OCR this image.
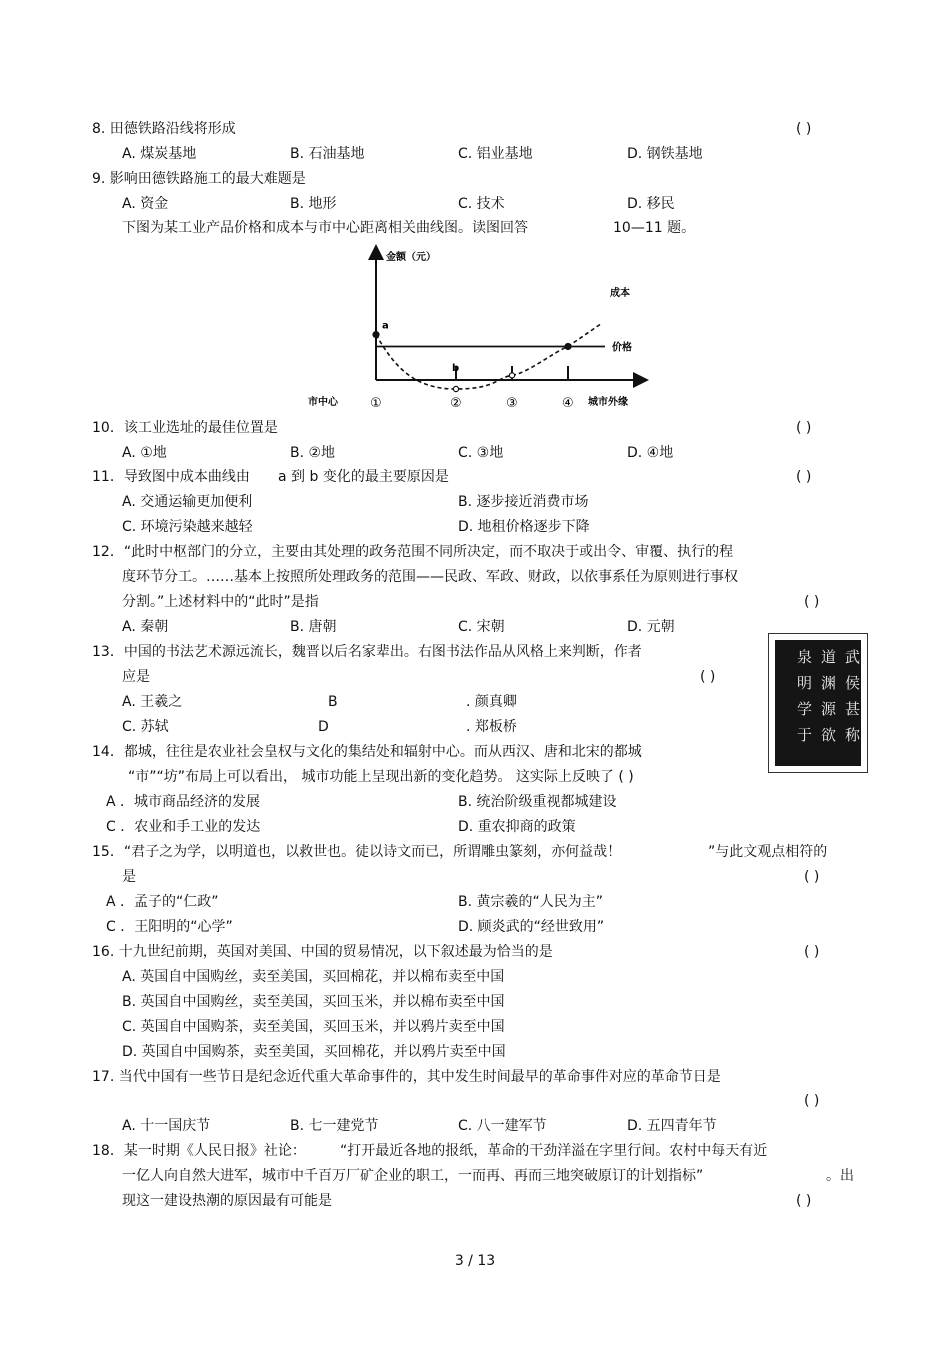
8. 田德铁路沿线将形成	( )
A. 煤炭基地	B. 石油基地	C. 铝业基地	D. 钢铁基地
9. 影响田德铁路施工的最大难题是
A. 资金	B. 地形	C. 技术	D. 移民
下图为某工业产品价格和成本与市中心距离相关曲线图。读图回答	10—11 题。
金额（元）
市中心	城市外缘
①	②	③	④
价格
成本
a
b
10．该工业选址的最佳位置是	( )
A. ①地	B. ②地	C. ③地	D. ④地
11．导致图中成本曲线由 a 到 b 变化的最主要原因是	( )
A. 交通运输更加便利	B. 逐步接近消费市场
C. 环境污染越来越轻	D. 地租价格逐步下降
12．“此时中枢部门的分立，主要由其处理的政务范围不同所决定，而不取决于或出令、审覆、执行的程
度环节分工。……基本上按照所处理政务的范围——民政、军政、财政，以依事系任为原则进行事权
分割。”上述材料中的“此时”是指	( )
A. 秦朝	B. 唐朝	C. 宋朝	D. 元朝
13．中国的书法艺术源远流长，魏晋以后名家辈出。右图书法作品从风格上来判断，作者
应是	( )
A. 王羲之	B	. 颜真卿
C. 苏轼	D	. 郑板桥
武
侯
甚
称
道
渊
源
欲
泉
明
学
于
14．都城，往往是农业社会皇权与文化的集结处和辐射中心。而从西汉、唐和北宋的都城
“市”“坊”布局上可以看出， 城市功能上呈现出新的变化趋势。 这实际上反映了 ( )
A ．城市商品经济的发展	B. 统治阶级重视都城建设
C ．农业和手工业的发达	D. 重农抑商的政策
15．“君子之为学，以明道也，以救世也。徒以诗文而已，所谓雕虫篆刻，亦何益哉！	”与此文观点相符的
是	( )
A ．孟子的“仁政”	B. 黄宗羲的“人民为主”
C ．王阳明的“心学”	D. 顾炎武的“经世致用”
16. 十九世纪前期，英国对美国、中国的贸易情况，以下叙述最为恰当的是	( )
A. 英国自中国购丝，卖至美国，买回棉花，并以棉布卖至中国
B. 英国自中国购丝，卖至美国，买回玉米，并以棉布卖至中国
C. 英国自中国购茶，卖至美国，买回玉米，并以鸦片卖至中国
D. 英国自中国购茶，卖至美国，买回棉花，并以鸦片卖至中国
17. 当代中国有一些节日是纪念近代重大革命事件的，其中发生时间最早的革命事件对应的革命节日是
( )
A. 十一国庆节	B. 七一建党节	C. 八一建军节	D. 五四青年节
18．某一时期《人民日报》社论： “打开最近各地的报纸，革命的干劲洋溢在字里行间。农村中每天有近
一亿人向自然大进军，城市中千百万厂矿企业的职工，一而再、再而三地突破原订的计划指标”	。出
现这一建设热潮的原因最有可能是	( )
3 / 13
